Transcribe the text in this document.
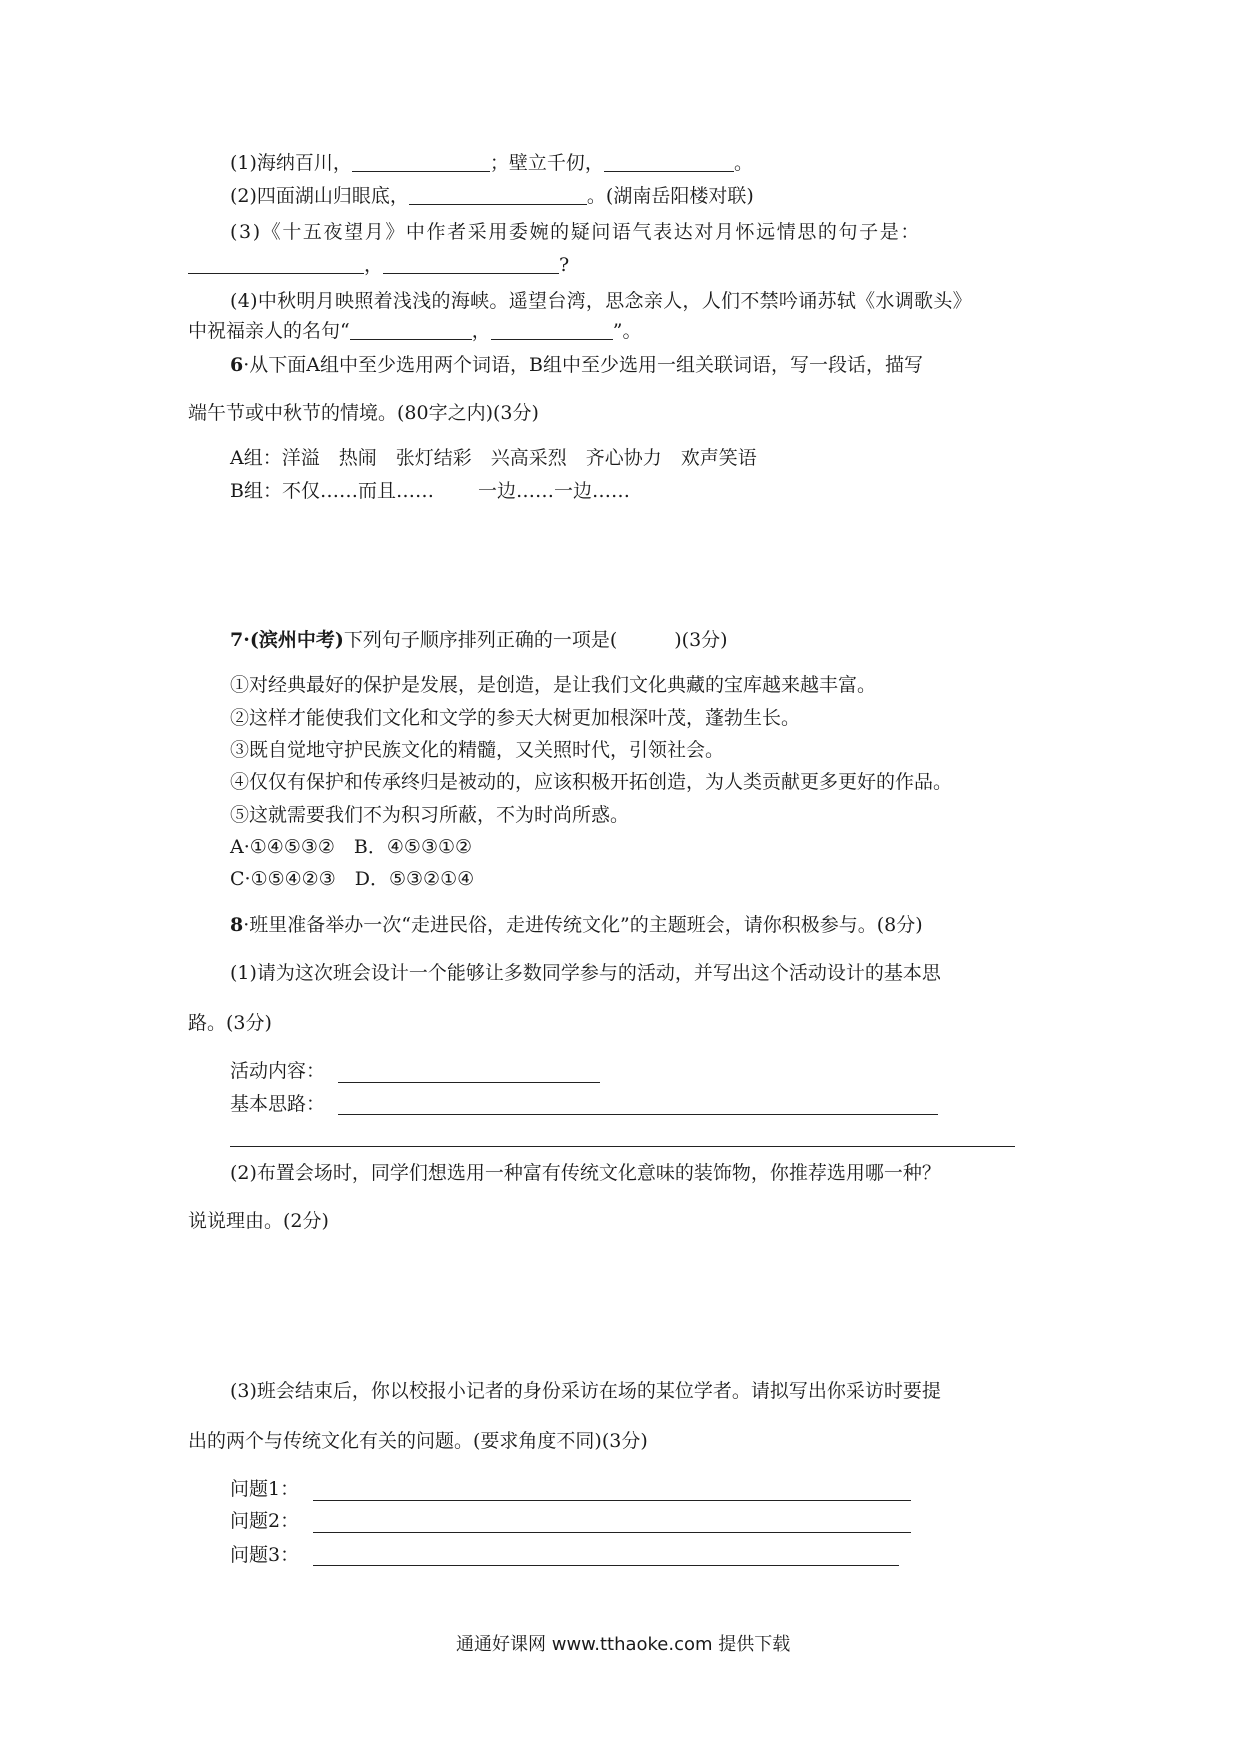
(1)海纳百川，	；壁立千仞，	。
(2)四面湖山归眼底，	。(湖南岳阳楼对联)
(3)《十五夜望月》中作者采用委婉的疑问语气表达对月怀远情思的句子是：
，	?
(4)中秋明月映照着浅浅的海峡。遥望台湾，思念亲人，人们不禁吟诵苏轼《水调歌头》
中祝福亲人的名句“	，	”。
6·从下面A组中至少选用两个词语，B组中至少选用一组关联词语，写一段话，描写
端午节或中秋节的情境。(80字之内)(3分)
A组：洋溢　热闹　张灯结彩　兴高采烈　齐心协力　欢声笑语
B组：不仅……而且……　　 一边……一边……
7·(滨州中考)下列句子顺序排列正确的一项是(　　　)(3分)
①对经典最好的保护是发展，是创造，是让我们文化典藏的宝库越来越丰富。
②这样才能使我们文化和文学的参天大树更加根深叶茂，蓬勃生长。
③既自觉地守护民族文化的精髓，又关照时代，引领社会。
④仅仅有保护和传承终归是被动的，应该积极开拓创造，为人类贡献更多更好的作品。
⑤这就需要我们不为积习所蔽，不为时尚所惑。
A·①④⑤③②　B．④⑤③①②
C·①⑤④②③　D．⑤③②①④
8·班里准备举办一次“走进民俗，走进传统文化”的主题班会，请你积极参与。(8分)
(1)请为这次班会设计一个能够让多数同学参与的活动，并写出这个活动设计的基本思
路。(3分)
活动内容：
基本思路：
(2)布置会场时，同学们想选用一种富有传统文化意味的装饰物，你推荐选用哪一种？
说说理由。(2分)
(3)班会结束后，你以校报小记者的身份采访在场的某位学者。请拟写出你采访时要提
出的两个与传统文化有关的问题。(要求角度不同)(3分)
问题1：
问题2：
问题3：
通通好课网 www.tthaoke.com 提供下载
